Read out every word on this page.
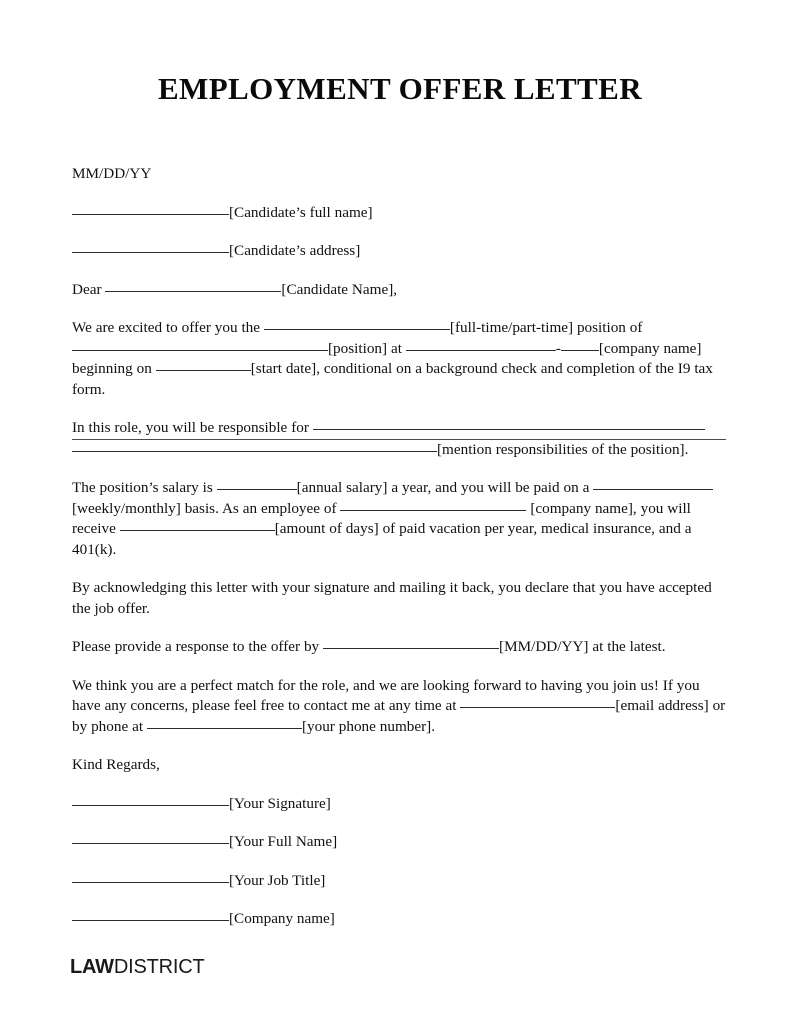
EMPLOYMENT OFFER LETTER
MM/DD/YY
[Candidate’s full name]
[Candidate’s address]
Dear	[Candidate Name],
We are excited to offer you the	[full-time/part-time] position of [position] at	-	[company name] beginning on	[start date], conditional on a background check and completion of the I9 tax form.
In this role, you will be responsible for
[mention responsibilities of the position].
The position’s salary is	[annual salary] a year, and you will be paid on a [weekly/monthly] basis. As an employee of	[company name], you will receive	[amount of days] of paid vacation per year, medical insurance, and a 401(k).
By acknowledging this letter with your signature and mailing it back, you declare that you have accepted the job offer.
Please provide a response to the offer by	[MM/DD/YY] at the latest.
We think you are a perfect match for the role, and we are looking forward to having you join us! If you have any concerns, please feel free to contact me at any time at	[email address] or by phone at	[your phone number].
Kind Regards,
[Your Signature]
[Your Full Name]
[Your Job Title]
[Company name]
LAWDISTRICT
